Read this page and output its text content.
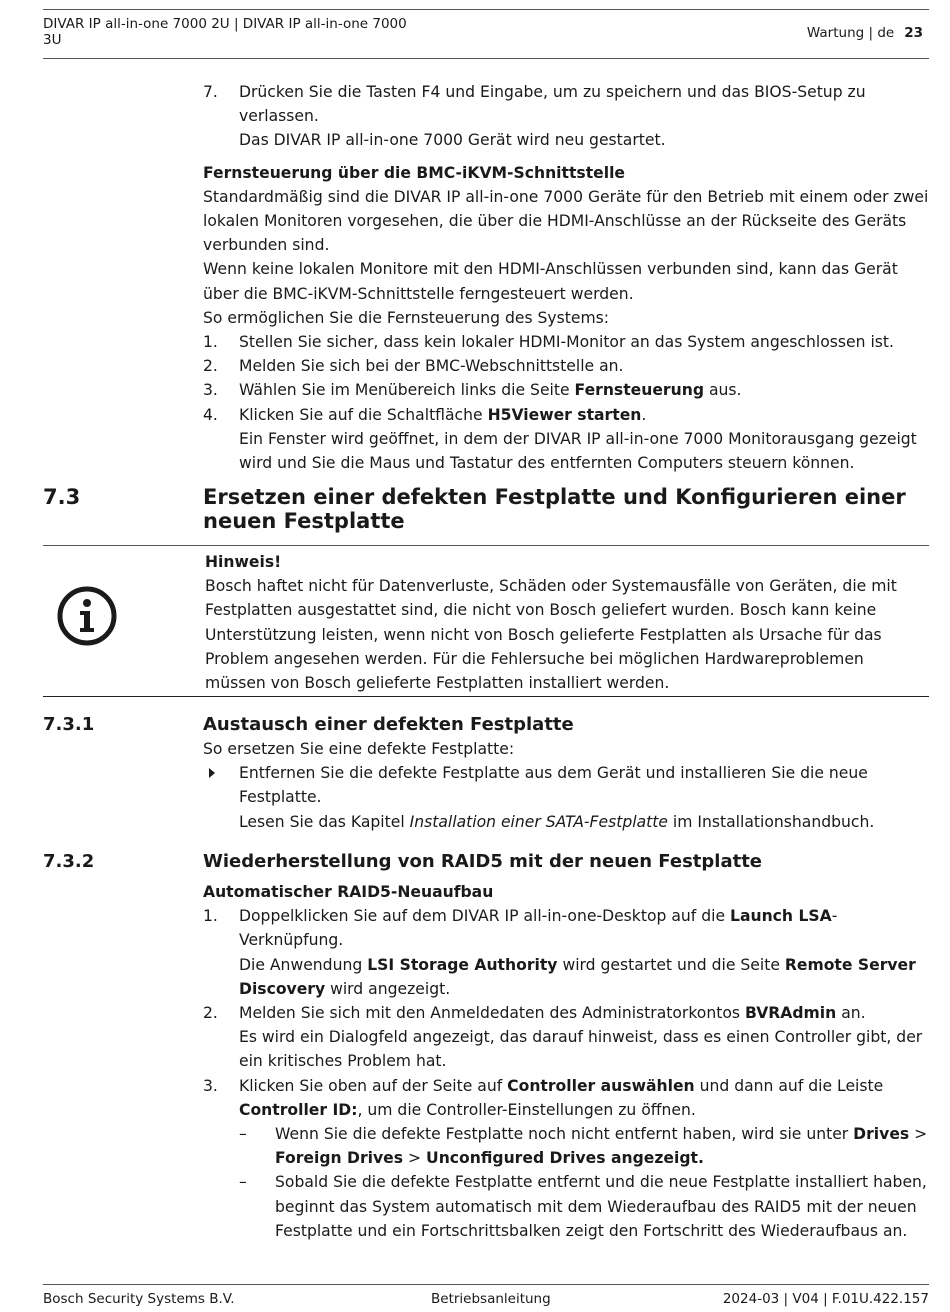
DIVAR IP all-in-one 7000 2U | DIVAR IP all-in-one 7000 3U	Wartung | de 23
7. Drücken Sie die Tasten F4 und Eingabe, um zu speichern und das BIOS-Setup zu verlassen.

Das DIVAR IP all-in-one 7000 Gerät wird neu gestartet.

Fernsteuerung über die BMC-iKVM-Schnittstelle

Standardmäßig sind die DIVAR IP all-in-one 7000 Geräte für den Betrieb mit einem oder zwei lokalen Monitoren vorgesehen, die über die HDMI-Anschlüsse an der Rückseite des Geräts verbunden sind.

Wenn keine lokalen Monitore mit den HDMI-Anschlüssen verbunden sind, kann das Gerät über die BMC-iKVM-Schnittstelle ferngesteuert werden.

So ermöglichen Sie die Fernsteuerung des Systems:

1. Stellen Sie sicher, dass kein lokaler HDMI-Monitor an das System angeschlossen ist.

2. Melden Sie sich bei der BMC-Webschnittstelle an.

3. Wählen Sie im Menübereich links die Seite Fernsteuerung aus.

4. Klicken Sie auf die Schaltfläche H5Viewer starten.

Ein Fenster wird geöffnet, in dem der DIVAR IP all-in-one 7000 Monitorausgang gezeigt wird und Sie die Maus und Tastatur des entfernten Computers steuern können.

7.3	Ersetzen einer defekten Festplatte und Konfigurieren einer neuen Festplatte

Hinweis!

Bosch haftet nicht für Datenverluste, Schäden oder Systemausfälle von Geräten, die mit Festplatten ausgestattet sind, die nicht von Bosch geliefert wurden. Bosch kann keine Unterstützung leisten, wenn nicht von Bosch gelieferte Festplatten als Ursache für das Problem angesehen werden. Für die Fehlersuche bei möglichen Hardwareproblemen müssen von Bosch gelieferte Festplatten installiert werden.

7.3.1	Austausch einer defekten Festplatte

So ersetzen Sie eine defekte Festplatte:

Entfernen Sie die defekte Festplatte aus dem Gerät und installieren Sie die neue Festplatte.

Lesen Sie das Kapitel Installation einer SATA-Festplatte im Installationshandbuch.

7.3.2	Wiederherstellung von RAID5 mit der neuen Festplatte

Automatischer RAID5-Neuaufbau

1. Doppelklicken Sie auf dem DIVAR IP all-in-one-Desktop auf die Launch LSA-Verknüpfung.

Die Anwendung LSI Storage Authority wird gestartet und die Seite Remote Server Discovery wird angezeigt.

2. Melden Sie sich mit den Anmeldedaten des Administratorkontos BVRAdmin an.

Es wird ein Dialogfeld angezeigt, das darauf hinweist, dass es einen Controller gibt, der ein kritisches Problem hat.

3. Klicken Sie oben auf der Seite auf Controller auswählen und dann auf die Leiste Controller ID:, um die Controller-Einstellungen zu öffnen.

– Wenn Sie die defekte Festplatte noch nicht entfernt haben, wird sie unter Drives > Foreign Drives > Unconfigured Drives angezeigt.

– Sobald Sie die defekte Festplatte entfernt und die neue Festplatte installiert haben, beginnt das System automatisch mit dem Wiederaufbau des RAID5 mit der neuen Festplatte und ein Fortschrittsbalken zeigt den Fortschritt des Wiederaufbaus an.

Bosch Security Systems B.V.	Betriebsanleitung	2024-03 | V04 | F.01U.422.157
